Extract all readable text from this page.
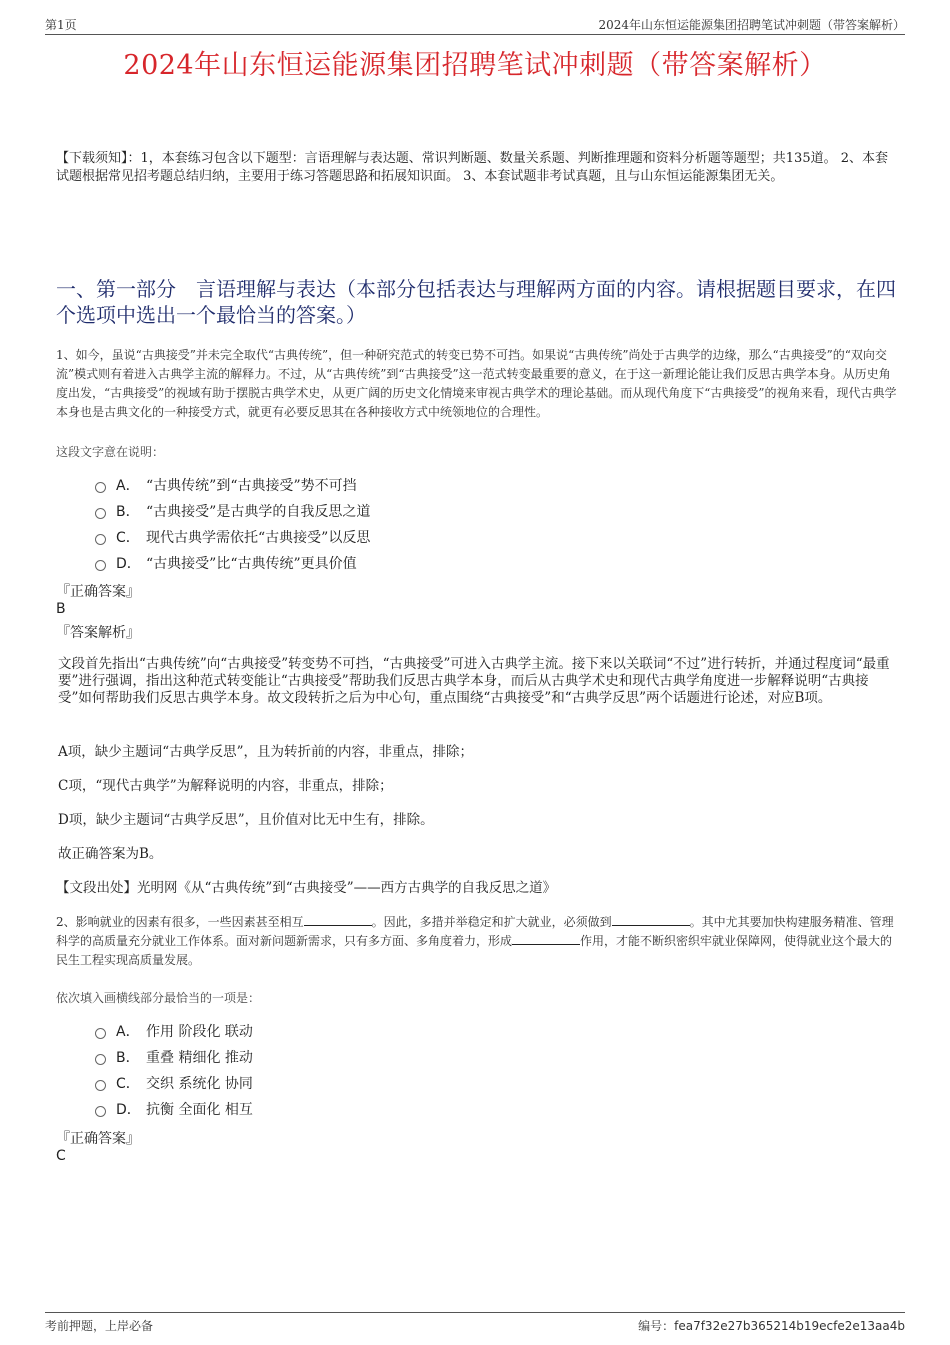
第1页	2024年山东恒运能源集团招聘笔试冲刺题（带答案解析）
2024年山东恒运能源集团招聘笔试冲刺题（带答案解析）
【下载须知】：1，本套练习包含以下题型：言语理解与表达题、常识判断题、数量关系题、判断推理题和资料分析题等题型；共135道。 2、本套试题根据常见招考题总结归纳，主要用于练习答题思路和拓展知识面。 3、本套试题非考试真题，且与山东恒运能源集团无关。
一、第一部分　言语理解与表达（本部分包括表达与理解两方面的内容。请根据题目要求，在四个选项中选出一个最恰当的答案。）
1、如今，虽说“古典接受”并未完全取代“古典传统”，但一种研究范式的转变已势不可挡。如果说“古典传统”尚处于古典学的边缘，那么“古典接受”的“双向交流”模式则有着进入古典学主流的解释力。不过，从“古典传统”到“古典接受”这一范式转变最重要的意义，在于这一新理论能让我们反思古典学本身。从历史角度出发，“古典接受”的视域有助于摆脱古典学术史，从更广阔的历史文化情境来审视古典学术的理论基础。而从现代角度下“古典接受”的视角来看，现代古典学本身也是古典文化的一种接受方式，就更有必要反思其在各种接收方式中统领地位的合理性。
这段文字意在说明：
A． “古典传统”到“古典接受”势不可挡
B． “古典接受”是古典学的自我反思之道
C． 现代古典学需依托“古典接受”以反思
D． “古典接受”比“古典传统”更具价值
『正确答案』
B
『答案解析』
文段首先指出“古典传统”向“古典接受”转变势不可挡，“古典接受”可进入古典学主流。接下来以关联词“不过”进行转折，并通过程度词“最重要”进行强调，指出这种范式转变能让“古典接受”帮助我们反思古典学本身，而后从古典学术史和现代古典学角度进一步解释说明“古典接受”如何帮助我们反思古典学本身。故文段转折之后为中心句，重点围绕“古典接受”和“古典学反思”两个话题进行论述，对应B项。
A项，缺少主题词“古典学反思”，且为转折前的内容，非重点，排除；
C项，“现代古典学”为解释说明的内容，非重点，排除；
D项，缺少主题词“古典学反思”，且价值对比无中生有，排除。
故正确答案为B。
【文段出处】光明网《从“古典传统”到“古典接受”——西方古典学的自我反思之道》
2、影响就业的因素有很多，一些因素甚至相互	。因此，多措并举稳定和扩大就业，必须做到	。其中尤其要加快构建服务精准、管理科学的高质量充分就业工作体系。面对新问题新需求，只有多方面、多角度着力，形成	作用，才能不断织密织牢就业保障网，使得就业这个最大的民生工程实现高质量发展。
依次填入画横线部分最恰当的一项是：
A． 作用 阶段化 联动
B． 重叠 精细化 推动
C． 交织 系统化 协同
D． 抗衡 全面化 相互
『正确答案』
C
考前押题，上岸必备	编号：fea7f32e27b365214b19ecfe2e13aa4b
